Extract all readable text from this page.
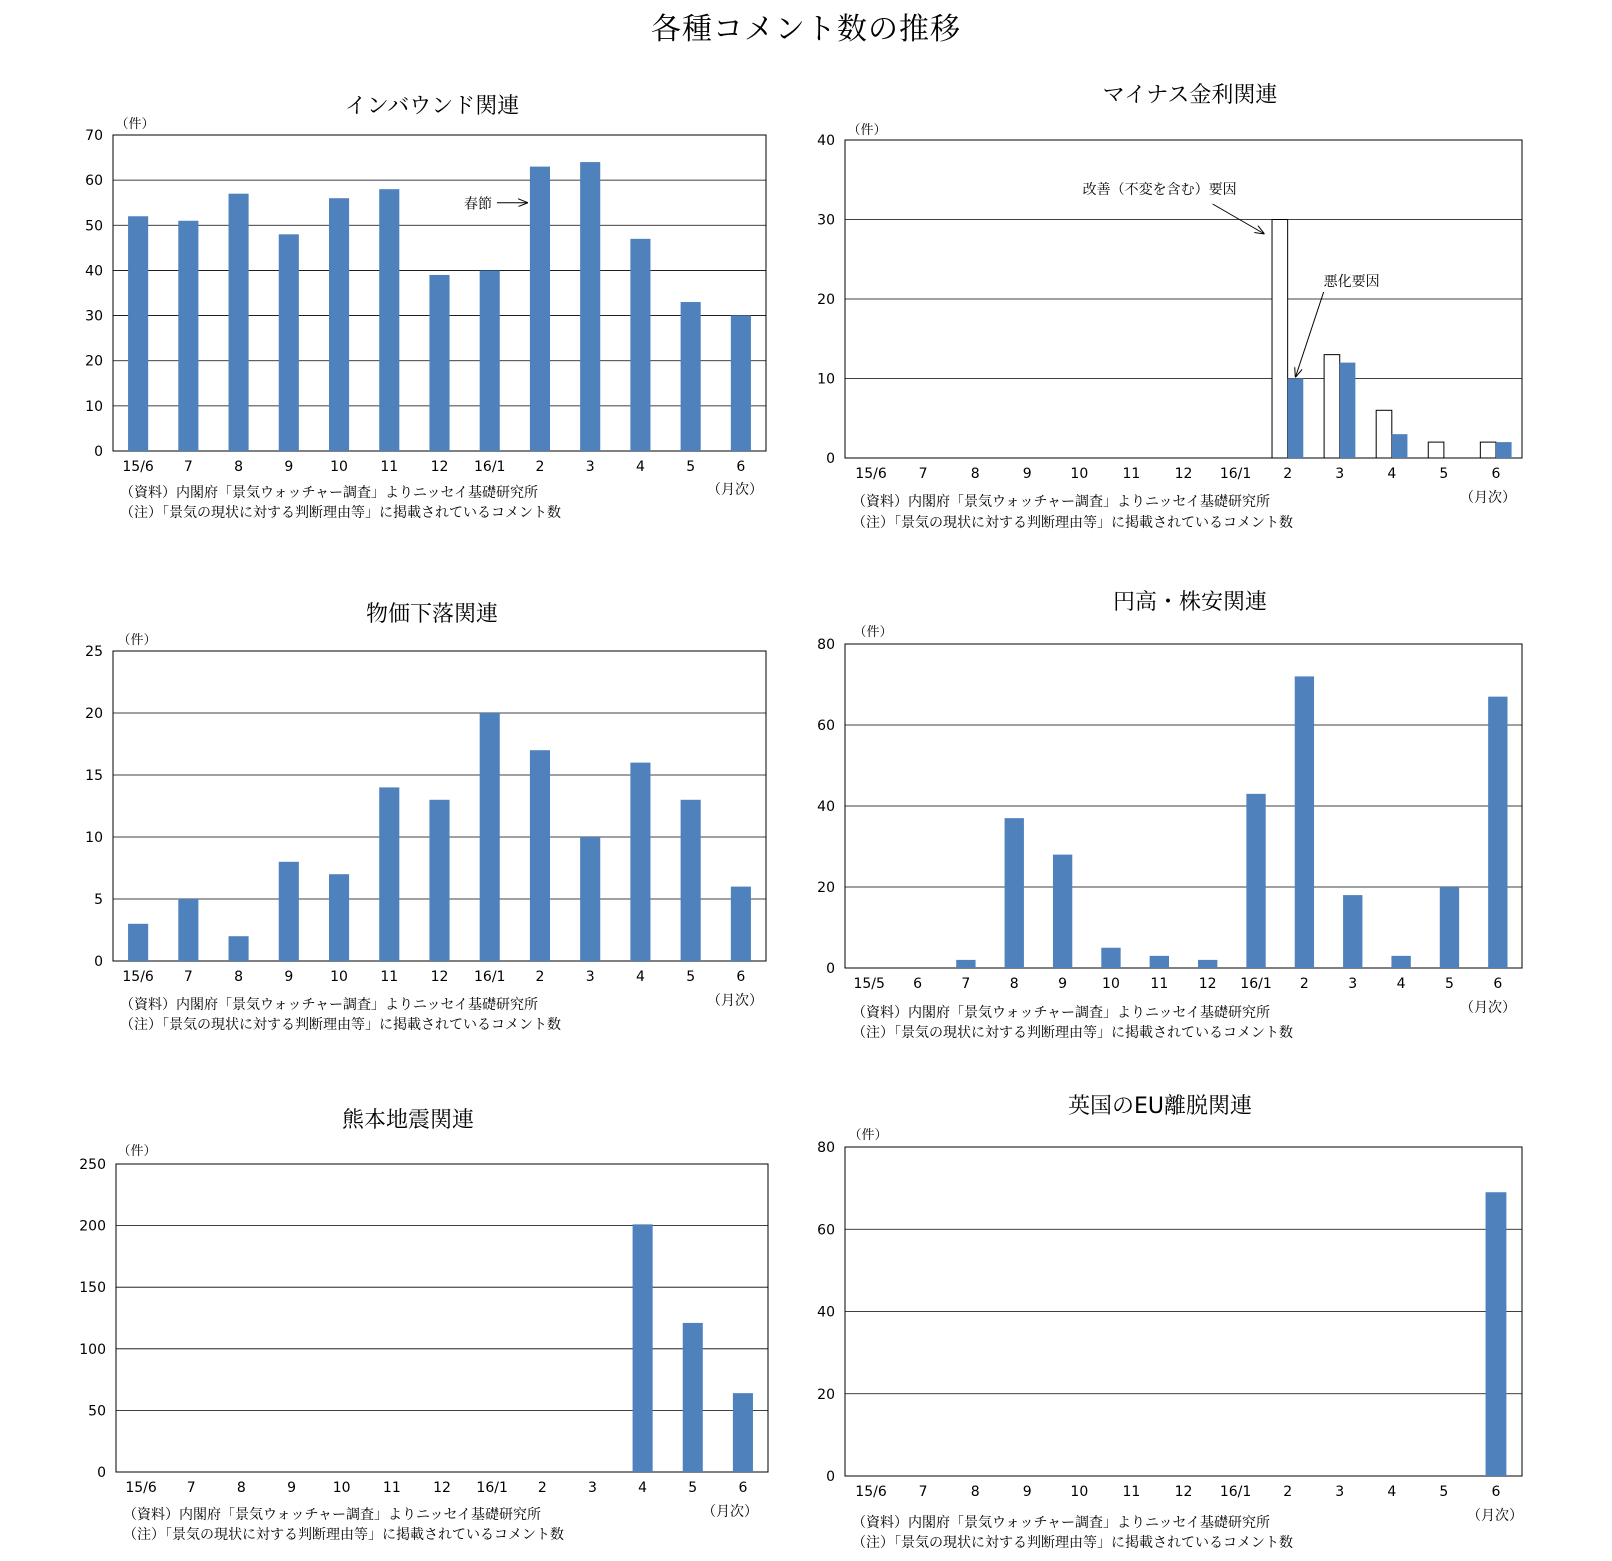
各種コメント数の推移
インバウンド関連
（件）
0
10
20
30
40
50
60
70
15/6 7	8	9	10 11 12 16/1 2	3	4	5	6
（月次）
（資料）内閣府「景気ウォッチャー調査」よりニッセイ基礎研究所
（注）「景気の現状に対する判断理由等」に掲載されているコメント数
春節
マイナス金利関連
（件）
0
10
20
30
40
15/6 7	8	9	10 11 12 16/1 2	3	4	5	6
（月次）
（資料）内閣府「景気ウォッチャー調査」よりニッセイ基礎研究所
（注）「景気の現状に対する判断理由等」に掲載されているコメント数
改善（不変を含む）要因
悪化要因
物価下落関連
（件）
0
5
10
15
20
25
15/6 7	8	9	10 11 12 16/1 2	3	4	5	6
（月次）
（資料）内閣府「景気ウォッチャー調査」よりニッセイ基礎研究所
（注）「景気の現状に対する判断理由等」に掲載されているコメント数
円高・株安関連
（件）
0
20
40
60
80
15/5 6	7	8	9 10 11 12 16/1 2	3	4	5	6
（月次）
（資料）内閣府「景気ウォッチャー調査」よりニッセイ基礎研究所
（注）「景気の現状に対する判断理由等」に掲載されているコメント数
熊本地震関連
（件）
0
50
100
150
200
250
15/6 7	8	9	10 11 12 16/1 2	3	4	5	6
（月次）
（資料）内閣府「景気ウォッチャー調査」よりニッセイ基礎研究所
（注）「景気の現状に対する判断理由等」に掲載されているコメント数
英国のEU離脱関連
（件）
0
20
40
60
80
15/6 7	8	9	10 11 12 16/1 2	3	4	5	6
（月次）
（資料）内閣府「景気ウォッチャー調査」よりニッセイ基礎研究所
（注）「景気の現状に対する判断理由等」に掲載されているコメント数
